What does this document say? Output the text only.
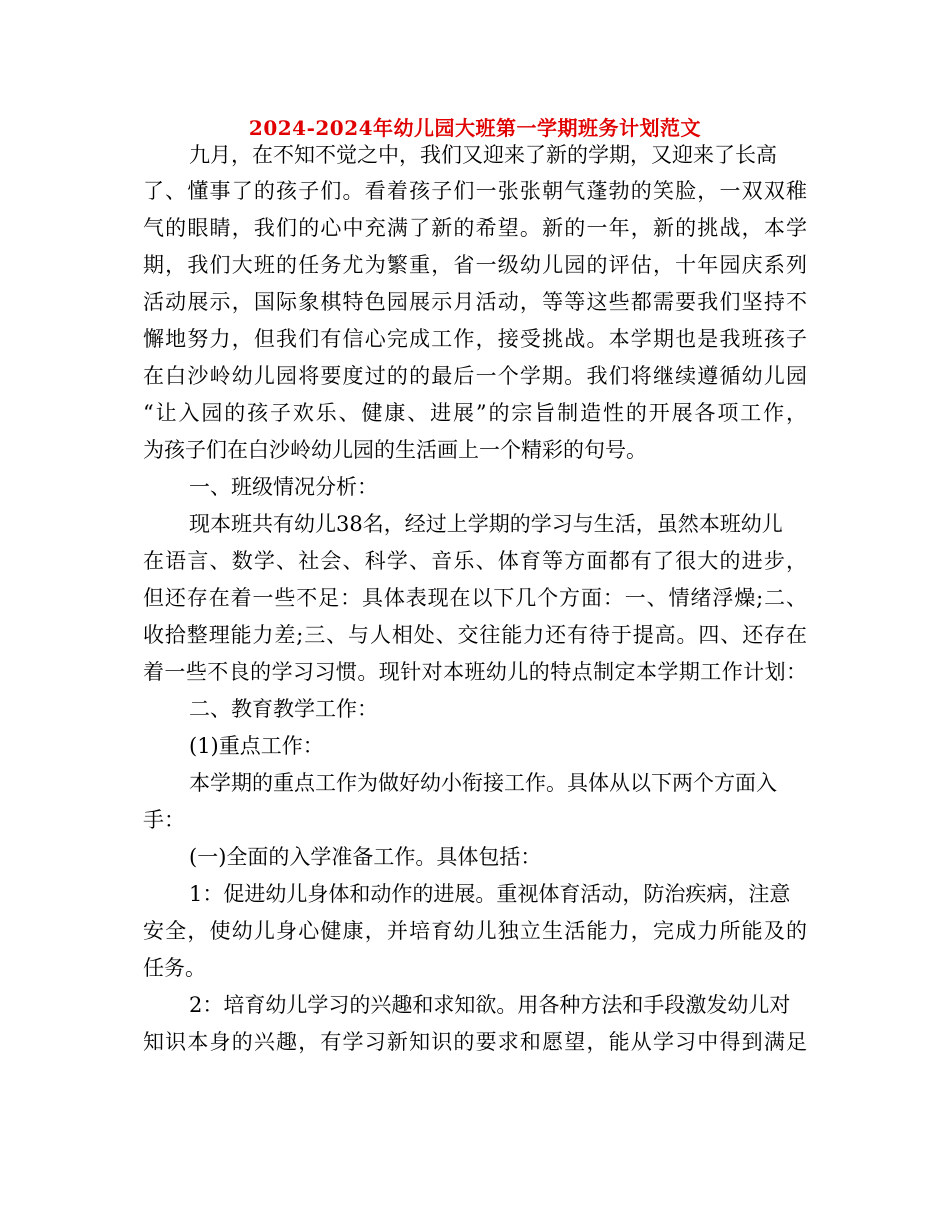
2024-2024年幼儿园大班第一学期班务计划范文
九月，在不知不觉之中，我们又迎来了新的学期，又迎来了长高
了、懂事了的孩子们。看着孩子们一张张朝气蓬勃的笑脸，一双双稚
气的眼睛，我们的心中充满了新的希望。新的一年，新的挑战，本学
期，我们大班的任务尤为繁重，省一级幼儿园的评估，十年园庆系列
活动展示，国际象棋特色园展示月活动，等等这些都需要我们坚持不
懈地努力，但我们有信心完成工作，接受挑战。本学期也是我班孩子
在白沙岭幼儿园将要度过的的最后一个学期。我们将继续遵循幼儿园
“让入园的孩子欢乐、健康、进展”的宗旨制造性的开展各项工作，
为孩子们在白沙岭幼儿园的生活画上一个精彩的句号。
一、班级情况分析：
现本班共有幼儿38名，经过上学期的学习与生活，虽然本班幼儿
在语言、数学、社会、科学、音乐、体育等方面都有了很大的进步，
但还存在着一些不足：具体表现在以下几个方面：一、情绪浮燥;二、
收拾整理能力差;三、与人相处、交往能力还有待于提高。四、还存在
着一些不良的学习习惯。现针对本班幼儿的特点制定本学期工作计划：
二、教育教学工作：
(1)重点工作：
本学期的重点工作为做好幼小衔接工作。具体从以下两个方面入
手：
(一)全面的入学准备工作。具体包括：
1：促进幼儿身体和动作的进展。重视体育活动，防治疾病，注意
安全，使幼儿身心健康，并培育幼儿独立生活能力，完成力所能及的
任务。
2：培育幼儿学习的兴趣和求知欲。用各种方法和手段激发幼儿对
知识本身的兴趣，有学习新知识的要求和愿望，能从学习中得到满足
